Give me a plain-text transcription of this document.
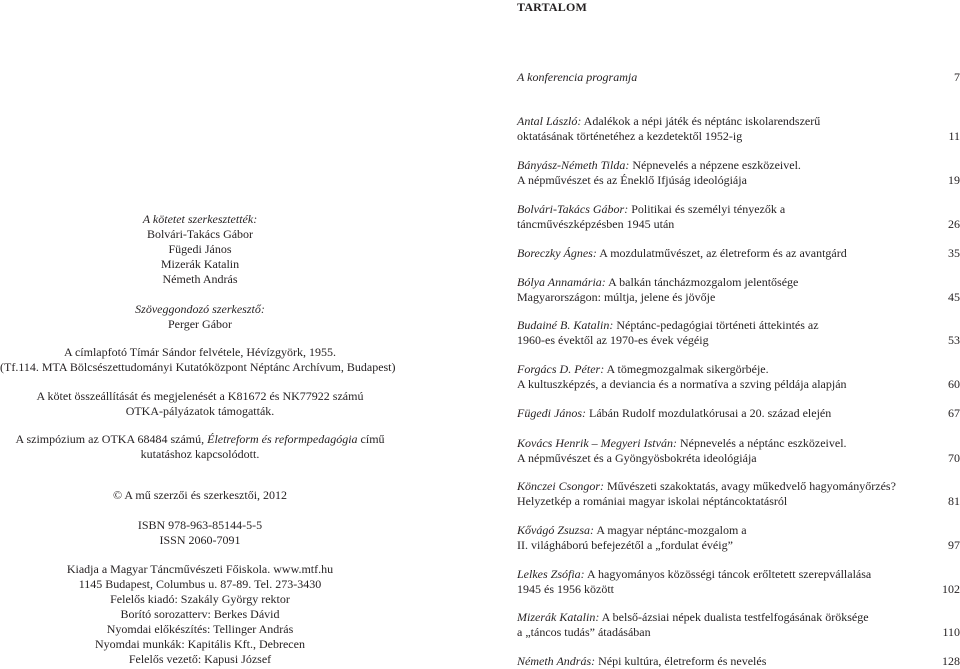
A kötetet szerkesztették:
Bolvári-Takács Gábor
Fügedi János
Mizerák Katalin
Németh András
Szöveggondozó szerkesztő:
Perger Gábor
A címlapfotó Tímár Sándor felvétele, Hévízgyörk, 1955.
(Tf.114. MTA Bölcsészettudományi Kutatóközpont Néptánc Archívum, Budapest)
A kötet összeállítását és megjelenését a K81672 és NK77922 számú
OTKA-pályázatok támogatták.
A szimpózium az OTKA 68484 számú, Életreform és reformpedagógia című
kutatáshoz kapcsolódott.
© A mű szerzői és szerkesztői, 2012
ISBN 978-963-85144-5-5
ISSN 2060-7091
Kiadja a Magyar Táncművészeti Főiskola. www.mtf.hu
1145 Budapest, Columbus u. 87-89. Tel. 273-3430
Felelős kiadó: Szakály György rektor
Borító sorozatterv: Berkes Dávid
Nyomdai előkészítés: Tellinger András
Nyomdai munkák: Kapitális Kft., Debrecen
Felelős vezető: Kapusi József
TARTALOM
A konferencia programja	7
Antal László: Adalékok a népi játék és néptánc iskolarendszerű
oktatásának történetéhez a kezdetektől 1952-ig	11
Bányász-Németh Tilda: Népnevelés a népzene eszközeivel.
A népművészet és az Éneklő Ifjúság ideológiája	19
Bolvári-Takács Gábor: Politikai és személyi tényezők a
táncművészképzésben 1945 után	26
Boreczky Ágnes: A mozdulatművészet, az életreform és az avantgárd	35
Bólya Annamária: A balkán táncházmozgalom jelentősége
Magyarországon: múltja, jelene és jövője	45
Budainé B. Katalin: Néptánc-pedagógiai történeti áttekintés az
1960-es évektől az 1970-es évek végéig	53
Forgács D. Péter: A tömegmozgalmak sikergörbéje.
A kultuszképzés, a deviancia és a normatíva a szving példája alapján	60
Fügedi János: Lábán Rudolf mozdulatkórusai a 20. század elején	67
Kovács Henrik – Megyeri István: Népnevelés a néptánc eszközeivel.
A népművészet és a Gyöngyösbokréta ideológiája	70
Könczei Csongor: Művészeti szakoktatás, avagy műkedvelő hagyományőrzés?
Helyzetkép a romániai magyar iskolai néptáncoktatásról	81
Kővágó Zsuzsa: A magyar néptánc-mozgalom a
II. világháború befejezétől a „fordulat évéig”	97
Lelkes Zsófia: A hagyományos közösségi táncok erőltetett szerepvállalása
1945 és 1956 között	102
Mizerák Katalin: A belső-ázsiai népek dualista testfelfogásának öröksége
a „táncos tudás” átadásában	110
Németh András: Népi kultúra, életreform és nevelés	128
